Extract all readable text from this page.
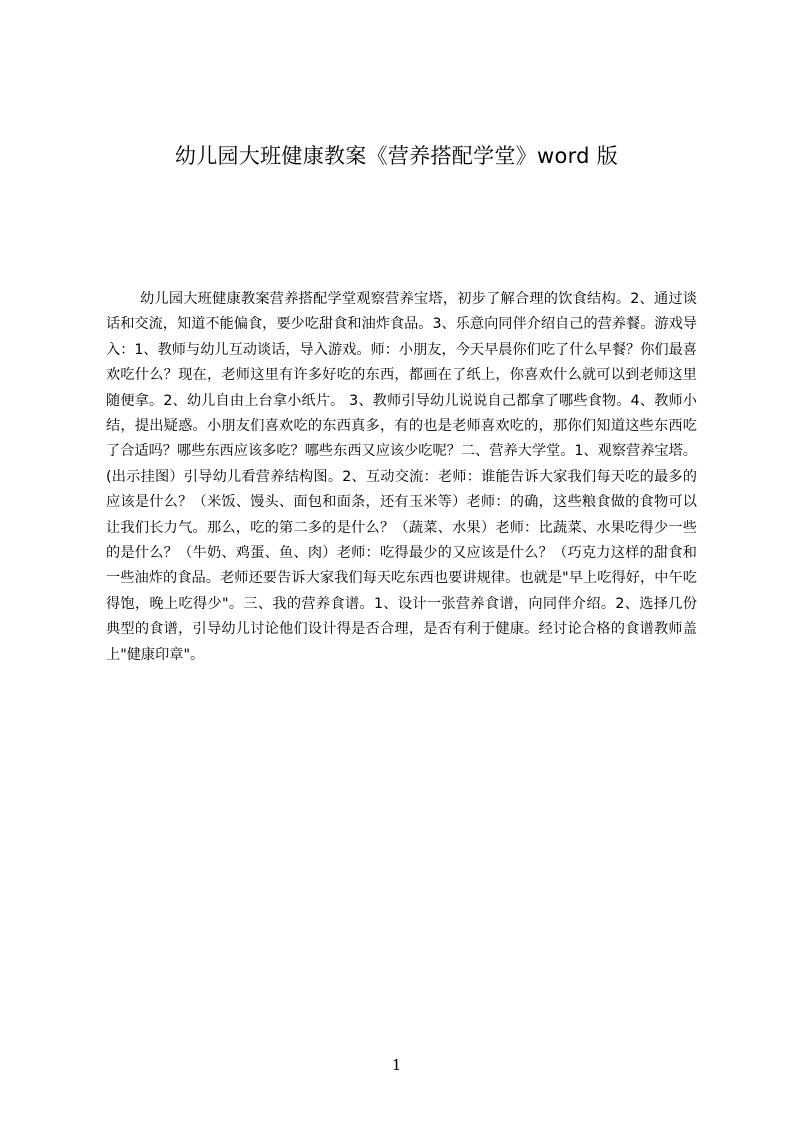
幼儿园大班健康教案《营养搭配学堂》word 版

幼儿园大班健康教案营养搭配学堂观察营养宝塔，初步了解合理的饮食结构。2、通过谈话和交流，知道不能偏食，要少吃甜食和油炸食品。3、乐意向同伴介绍自己的营养餐。游戏导入：1、教师与幼儿互动谈话，导入游戏。师：小朋友，今天早晨你们吃了什么早餐？你们最喜欢吃什么？现在，老师这里有许多好吃的东西，都画在了纸上，你喜欢什么就可以到老师这里随便拿。2、幼儿自由上台拿小纸片。 3、教师引导幼儿说说自己都拿了哪些食物。4、教师小结，提出疑惑。小朋友们喜欢吃的东西真多，有的也是老师喜欢吃的，那你们知道这些东西吃了合适吗？哪些东西应该多吃？哪些东西又应该少吃呢？二、营养大学堂。1、观察营养宝塔。(出示挂图）引导幼儿看营养结构图。2、互动交流：老师：谁能告诉大家我们每天吃的最多的应该是什么？（米饭、馒头、面包和面条，还有玉米等）老师：的确，这些粮食做的食物可以让我们长力气。那么，吃的第二多的是什么？（蔬菜、水果）老师：比蔬菜、水果吃得少一些的是什么？（牛奶、鸡蛋、鱼、肉）老师：吃得最少的又应该是什么？（巧克力这样的甜食和一些油炸的食品。老师还要告诉大家我们每天吃东西也要讲规律。也就是"早上吃得好，中午吃得饱，晚上吃得少"。三、我的营养食谱。1、设计一张营养食谱，向同伴介绍。2、选择几份典型的食谱，引导幼儿讨论他们设计得是否合理，是否有利于健康。经讨论合格的食谱教师盖上"健康印章"。

1
